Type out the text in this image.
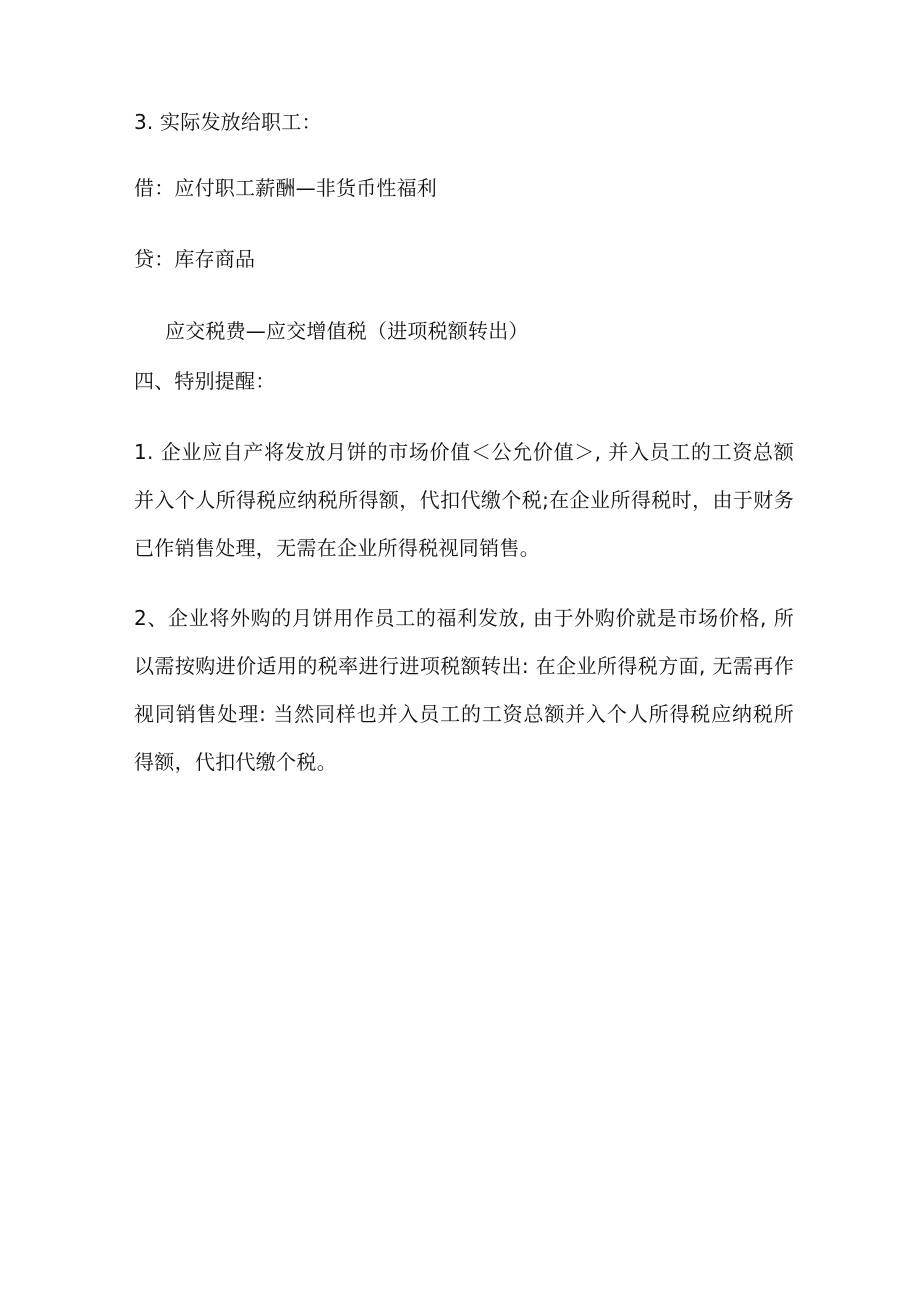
3. 实际发放给职工：
借：应付职工薪酬—非货币性福利
贷：库存商品
应交税费—应交增值税（进项税额转出）
四、特别提醒：
1. 企业应自产将发放月饼的市场价值＜公允价值＞, 并入员工的工资总额并入个人所得税应纳税所得额，代扣代缴个税;在企业所得税时，由于财务已作销售处理，无需在企业所得税视同销售。
2、企业将外购的月饼用作员工的福利发放, 由于外购价就是市场价格, 所以需按购进价适用的税率进行进项税额转出: 在企业所得税方面, 无需再作视同销售处理: 当然同样也并入员工的工资总额并入个人所得税应纳税所得额，代扣代缴个税。
